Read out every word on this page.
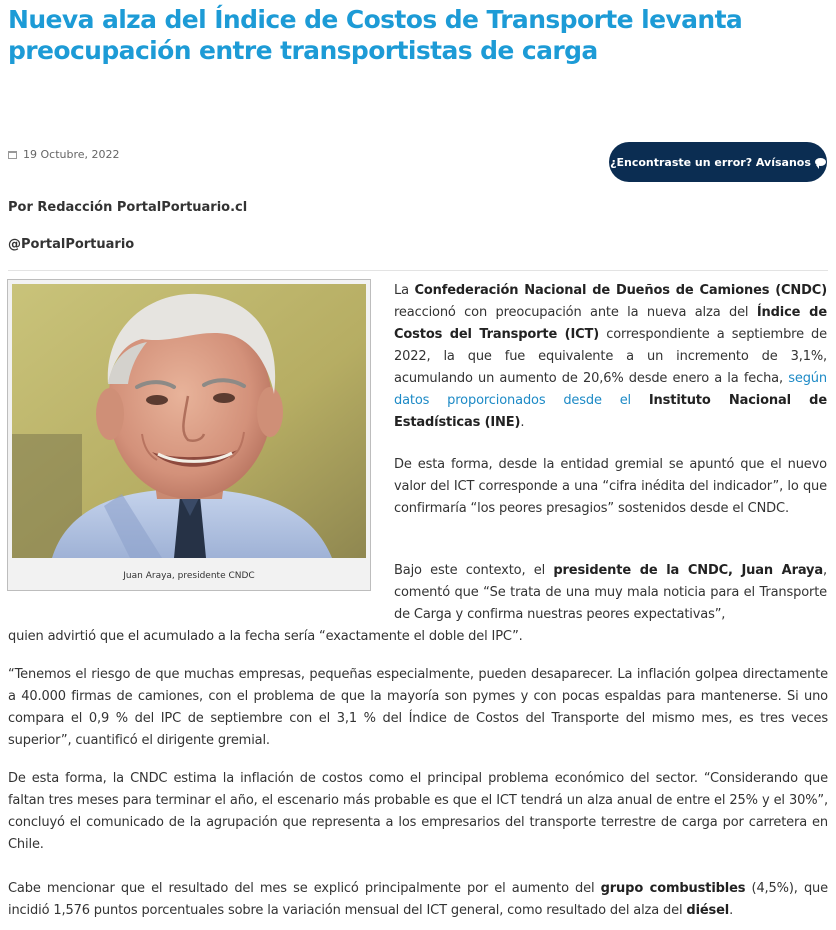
Nueva alza del Índice de Costos de Transporte levanta preocupación entre transportistas de carga
19 Octubre, 2022
¿Encontraste un error? Avísanos
Por Redacción PortalPortuario.cl
@PortalPortuario
Juan Araya, presidente CNDC

La Confederación Nacional de Dueños de Camiones (CNDC) reaccionó con preocupación ante la nueva alza del Índice de Costos del Transporte (ICT) correspondiente a septiembre de 2022, la que fue equivalente a un incremento de 3,1%, acumulando un aumento de 20,6% desde enero a la fecha, según datos proporcionados desde el Instituto Nacional de Estadísticas (INE).

De esta forma, desde la entidad gremial se apuntó que el nuevo valor del ICT corresponde a una “cifra inédita del indicador”, lo que confirmaría “los peores presagios” sostenidos desde el CNDC.

Bajo este contexto, el presidente de la CNDC, Juan Araya, comentó que “Se trata de una muy mala noticia para el Transporte de Carga y confirma nuestras peores expectativas”,

quien advirtió que el acumulado a la fecha sería “exactamente el doble del IPC”.

“Tenemos el riesgo de que muchas empresas, pequeñas especialmente, pueden desaparecer. La inflación golpea directamente a 40.000 firmas de camiones, con el problema de que la mayoría son pymes y con pocas espaldas para mantenerse. Si uno compara el 0,9 % del IPC de septiembre con el 3,1 % del Índice de Costos del Transporte del mismo mes, es tres veces superior”, cuantificó el dirigente gremial.

De esta forma, la CNDC estima la inflación de costos como el principal problema económico del sector. “Considerando que faltan tres meses para terminar el año, el escenario más probable es que el ICT tendrá un alza anual de entre el 25% y el 30%”, concluyó el comunicado de la agrupación que representa a los empresarios del transporte terrestre de carga por carretera en Chile.

Cabe mencionar que el resultado del mes se explicó principalmente por el aumento del grupo combustibles (4,5%), que incidió 1,576 puntos porcentuales sobre la variación mensual del ICT general, como resultado del alza del diésel.
